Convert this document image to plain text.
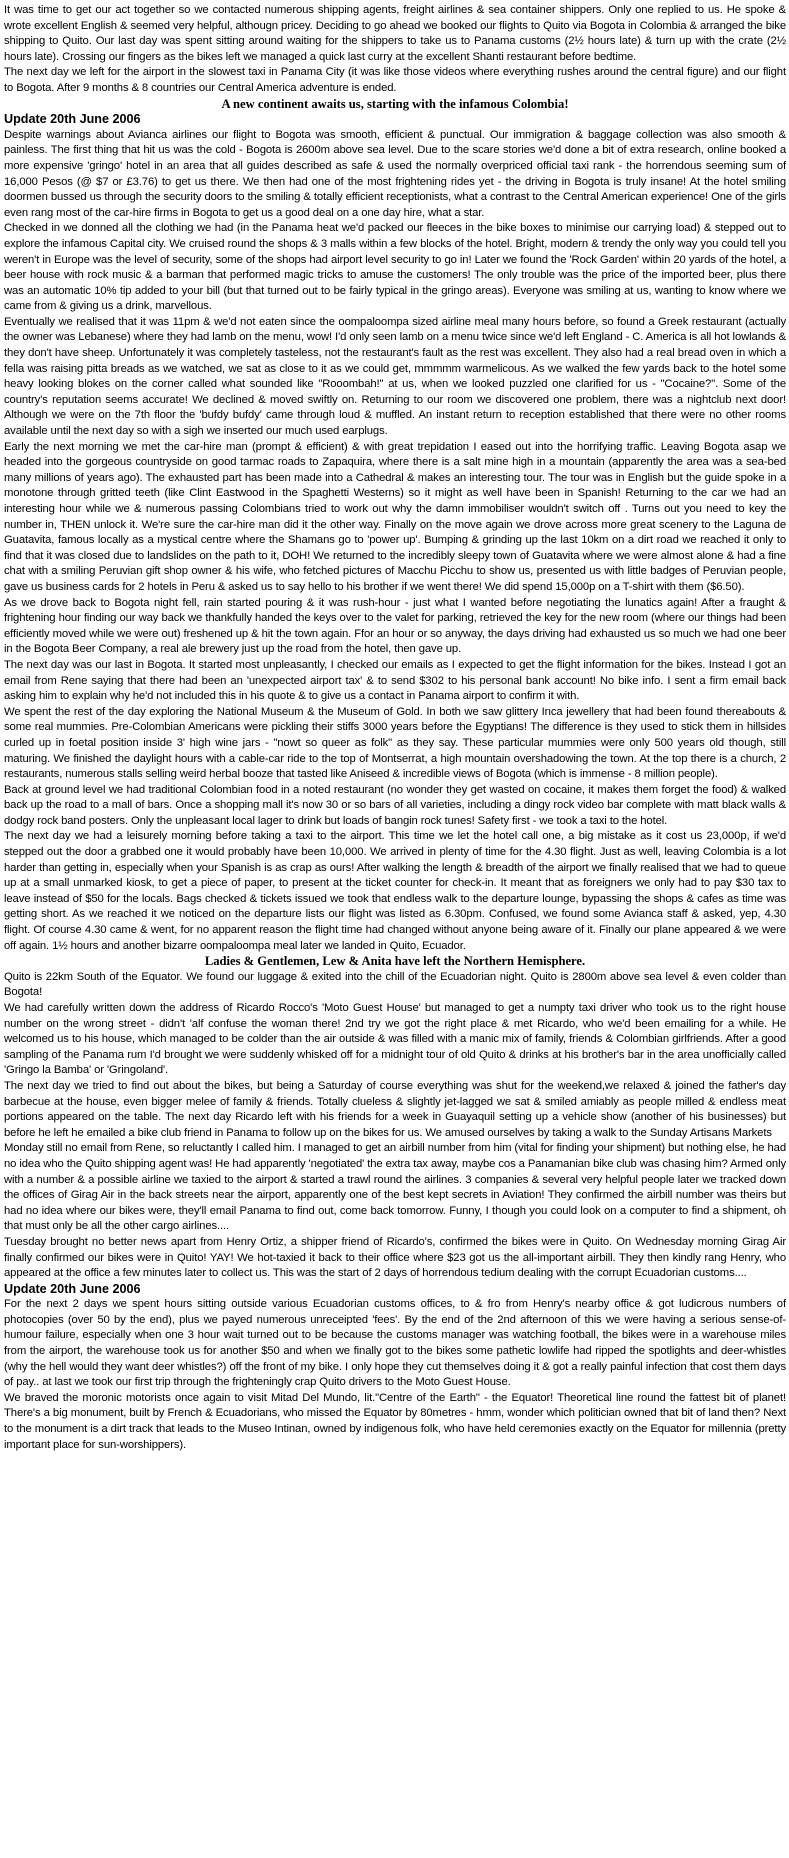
It was time to get our act together so we contacted numerous shipping agents, freight airlines & sea container shippers. Only one replied to us. He spoke & wrote excellent English & seemed very helpful, althougn pricey. Deciding to go ahead we booked our flights to Quito via Bogota in Colombia & arranged the bike shipping to Quito. Our last day was spent sitting around waiting for the shippers to take us to Panama customs (2½ hours late) & turn up with the crate (2½ hours late). Crossing our fingers as the bikes left we managed a quick last curry at the excellent Shanti restaurant before bedtime.

The next day we left for the airport in the slowest taxi in Panama City (it was like those videos where everything rushes around the central figure) and our flight to Bogota. After 9 months & 8 countries our Central America adventure is ended.

A new continent awaits us, starting with the infamous Colombia!

Update 20th June 2006

Despite warnings about Avianca airlines our flight to Bogota was smooth, efficient & punctual. Our immigration & baggage collection was also smooth & painless. The first thing that hit us was the cold - Bogota is 2600m above sea level. Due to the scare stories we'd done a bit of extra research, online booked a more expensive 'gringo' hotel in an area that all guides described as safe & used the normally overpriced official taxi rank - the horrendous seeming sum of 16,000 Pesos (@ $7 or £3.76) to get us there. We then had one of the most frightening rides yet - the driving in Bogota is truly insane! At the hotel smiling doormen bussed us through the security doors to the smiling & totally efficient receptionists, what a contrast to the Central American experience! One of the girls even rang most of the car-hire firms in Bogota to get us a good deal on a one day hire, what a star.

Checked in we donned all the clothing we had (in the Panama heat we'd packed our fleeces in the bike boxes to minimise our carrying load) & stepped out to explore the infamous Capital city. We cruised round the shops & 3 malls within a few blocks of the hotel. Bright, modern & trendy the only way you could tell you weren't in Europe was the level of security, some of the shops had airport level security to go in! Later we found the 'Rock Garden' within 20 yards of the hotel, a beer house with rock music & a barman that performed magic tricks to amuse the customers! The only trouble was the price of the imported beer, plus there was an automatic 10% tip added to your bill (but that turned out to be fairly typical in the gringo areas). Everyone was smiling at us, wanting to know where we came from & giving us a drink, marvellous.

Eventually we realised that it was 11pm & we'd not eaten since the oompaloompa sized airline meal many hours before, so found a Greek restaurant (actually the owner was Lebanese) where they had lamb on the menu, wow! I'd only seen lamb on a menu twice since we'd left England - C. America is all hot lowlands & they don't have sheep. Unfortunately it was completely tasteless, not the restaurant's fault as the rest was excellent. They also had a real bread oven in which a fella was raising pitta breads as we watched, we sat as close to it as we could get, mmmmm warmelicous. As we walked the few yards back to the hotel some heavy looking blokes on the corner called what sounded like "Rooombah!" at us, when we looked puzzled one clarified for us - "Cocaine?". Some of the country's reputation seems accurate! We declined & moved swiftly on. Returning to our room we discovered one problem, there was a nightclub next door! Although we were on the 7th floor the 'bufdy bufdy' came through loud & muffled. An instant return to reception established that there were no other rooms available until the next day so with a sigh we inserted our much used earplugs.

Early the next morning we met the car-hire man (prompt & efficient) & with great trepidation I eased out into the horrifying traffic. Leaving Bogota asap we headed into the gorgeous countryside on good tarmac roads to Zapaquira, where there is a salt mine high in a mountain (apparently the area was a sea-bed many millions of years ago). The exhausted part has been made into a Cathedral & makes an interesting tour. The tour was in English but the guide spoke in a monotone through gritted teeth (like Clint Eastwood in the Spaghetti Westerns) so it might as well have been in Spanish! Returning to the car we had an interesting hour while we & numerous passing Colombians tried to work out why the damn immobiliser wouldn't switch off . Turns out you need to key the number in, THEN unlock it. We're sure the car-hire man did it the other way. Finally on the move again we drove across more great scenery to the Laguna de Guatavita, famous locally as a mystical centre where the Shamans go to 'power up'. Bumping & grinding up the last 10km on a dirt road we reached it only to find that it was closed due to landslides on the path to it, DOH! We returned to the incredibly sleepy town of Guatavita where we were almost alone & had a fine chat with a smiling Peruvian gift shop owner & his wife, who fetched pictures of Macchu Picchu to show us, presented us with little badges of Peruvian people, gave us business cards for 2 hotels in Peru & asked us to say hello to his brother if we went there! We did spend 15,000p on a T-shirt with them ($6.50).

As we drove back to Bogota night fell, rain started pouring & it was rush-hour - just what I wanted before negotiating the lunatics again! After a fraught & frightening hour finding our way back we thankfully handed the keys over to the valet for parking, retrieved the key for the new room (where our things had been efficiently moved while we were out) freshened up & hit the town again. Ffor an hour or so anyway, the days driving had exhausted us so much we had one beer in the Bogota Beer Company, a real ale brewery just up the road from the hotel, then gave up.

The next day was our last in Bogota. It started most unpleasantly, I checked our emails as I expected to get the flight information for the bikes. Instead I got an email from Rene saying that there had been an 'unexpected airport tax' & to send $302 to his personal bank account! No bike info. I sent a firm email back asking him to explain why he'd not included this in his quote & to give us a contact in Panama airport to confirm it with.

We spent the rest of the day exploring the National Museum & the Museum of Gold. In both we saw glittery Inca jewellery that had been found thereabouts & some real mummies. Pre-Colombian Americans were pickling their stiffs 3000 years before the Egyptians! The difference is they used to stick them in hillsides curled up in foetal position inside 3' high wine jars - "nowt so queer as folk" as they say. These particular mummies were only 500 years old though, still maturing. We finished the daylight hours with a cable-car ride to the top of Montserrat, a high mountain overshadowing the town. At the top there is a church, 2 restaurants, numerous stalls selling weird herbal booze that tasted like Aniseed & incredible views of Bogota (which is immense - 8 million people).

Back at ground level we had traditional Colombian food in a noted restaurant (no wonder they get wasted on cocaine, it makes them forget the food) & walked back up the road to a mall of bars. Once a shopping mall it's now 30 or so bars of all varieties, including a dingy rock video bar complete with matt black walls & dodgy rock band posters. Only the unpleasant local lager to drink but loads of bangin rock tunes! Safety first - we took a taxi to the hotel.

The next day we had a leisurely morning before taking a taxi to the airport. This time we let the hotel call one, a big mistake as it cost us 23,000p, if we'd stepped out the door a grabbed one it would probably have been 10,000. We arrived in plenty of time for the 4.30 flight. Just as well, leaving Colombia is a lot harder than getting in, especially when your Spanish is as crap as ours! After walking the length & breadth of the airport we finally realised that we had to queue up at a small unmarked kiosk, to get a piece of paper, to present at the ticket counter for check-in. It meant that as foreigners we only had to pay $30 tax to leave instead of $50 for the locals. Bags checked & tickets issued we took that endless walk to the departure lounge, bypassing the shops & cafes as time was getting short. As we reached it we noticed on the departure lists our flight was listed as 6.30pm. Confused, we found some Avianca staff & asked, yep, 4.30 flight. Of course 4.30 came & went, for no apparent reason the flight time had changed without anyone being aware of it. Finally our plane appeared & we were off again. 1½ hours and another bizarre oompaloompa meal later we landed in Quito, Ecuador.

Ladies & Gentlemen, Lew & Anita have left the Northern Hemisphere.

Quito is 22km South of the Equator. We found our luggage & exited into the chill of the Ecuadorian night. Quito is 2800m above sea level & even colder than Bogota!

We had carefully written down the address of Ricardo Rocco's 'Moto Guest House' but managed to get a numpty taxi driver who took us to the right house number on the wrong street - didn't 'alf confuse the woman there! 2nd try we got the right place & met Ricardo, who we'd been emailing for a while. He welcomed us to his house, which managed to be colder than the air outside & was filled with a manic mix of family, friends & Colombian girlfriends. After a good sampling of the Panama rum I'd brought we were suddenly whisked off for a midnight tour of old Quito & drinks at his brother's bar in the area unofficially called 'Gringo la Bamba' or 'Gringoland'.

The next day we tried to find out about the bikes, but being a Saturday of course everything was shut for the weekend,we relaxed & joined the father's day barbecue at the house, even bigger melee of family & friends. Totally clueless & slightly jet-lagged we sat & smiled amiably as people milled & endless meat portions appeared on the table. The next day Ricardo left with his friends for a week in Guayaquil setting up a vehicle show (another of his businesses) but before he left he emailed a bike club friend in Panama to follow up on the bikes for us. We amused ourselves by taking a walk to the Sunday Artisans Markets

Monday still no email from Rene, so reluctantly I called him. I managed to get an airbill number from him (vital for finding your shipment) but nothing else, he had no idea who the Quito shipping agent was! He had apparently 'negotiated' the extra tax away, maybe cos a Panamanian bike club was chasing him? Armed only with a number & a possible airline we taxied to the airport & started a trawl round the airlines. 3 companies & several very helpful people later we tracked down the offices of Girag Air in the back streets near the airport, apparently one of the best kept secrets in Aviation! They confirmed the airbill number was theirs but had no idea where our bikes were, they'll email Panama to find out, come back tomorrow. Funny, I though you could look on a computer to find a shipment, oh that must only be all the other cargo airlines....

Tuesday brought no better news apart from Henry Ortiz, a shipper friend of Ricardo's, confirmed the bikes were in Quito. On Wednesday morning Girag Air finally confirmed our bikes were in Quito! YAY! We hot-taxied it back to their office where $23 got us the all-important airbill. They then kindly rang Henry, who appeared at the office a few minutes later to collect us. This was the start of 2 days of horrendous tedium dealing with the corrupt Ecuadorian customs....

Update 20th June 2006

For the next 2 days we spent hours sitting outside various Ecuadorian customs offices, to & fro from Henry's nearby office & got ludicrous numbers of photocopies (over 50 by the end), plus we payed numerous unreceipted 'fees'. By the end of the 2nd afternoon of this we were having a serious sense-of-humour failure, especially when one 3 hour wait turned out to be because the customs manager was watching football, the bikes were in a warehouse miles from the airport, the warehouse took us for another $50 and when we finally got to the bikes some pathetic lowlife had ripped the spotlights and deer-whistles (why the hell would they want deer whistles?) off the front of my bike. I only hope they cut themselves doing it & got a really painful infection that cost them days of pay.. at last we took our first trip through the frighteningly crap Quito drivers to the Moto Guest House.

We braved the moronic motorists once again to visit Mitad Del Mundo, lit."Centre of the Earth" - the Equator! Theoretical line round the fattest bit of planet! There's a big monument, built by French & Ecuadorians, who missed the Equator by 80metres - hmm, wonder which politician owned that bit of land then? Next to the monument is a dirt track that leads to the Museo Intinan, owned by indigenous folk, who have held ceremonies exactly on the Equator for millennia (pretty important place for sun-worshippers).
